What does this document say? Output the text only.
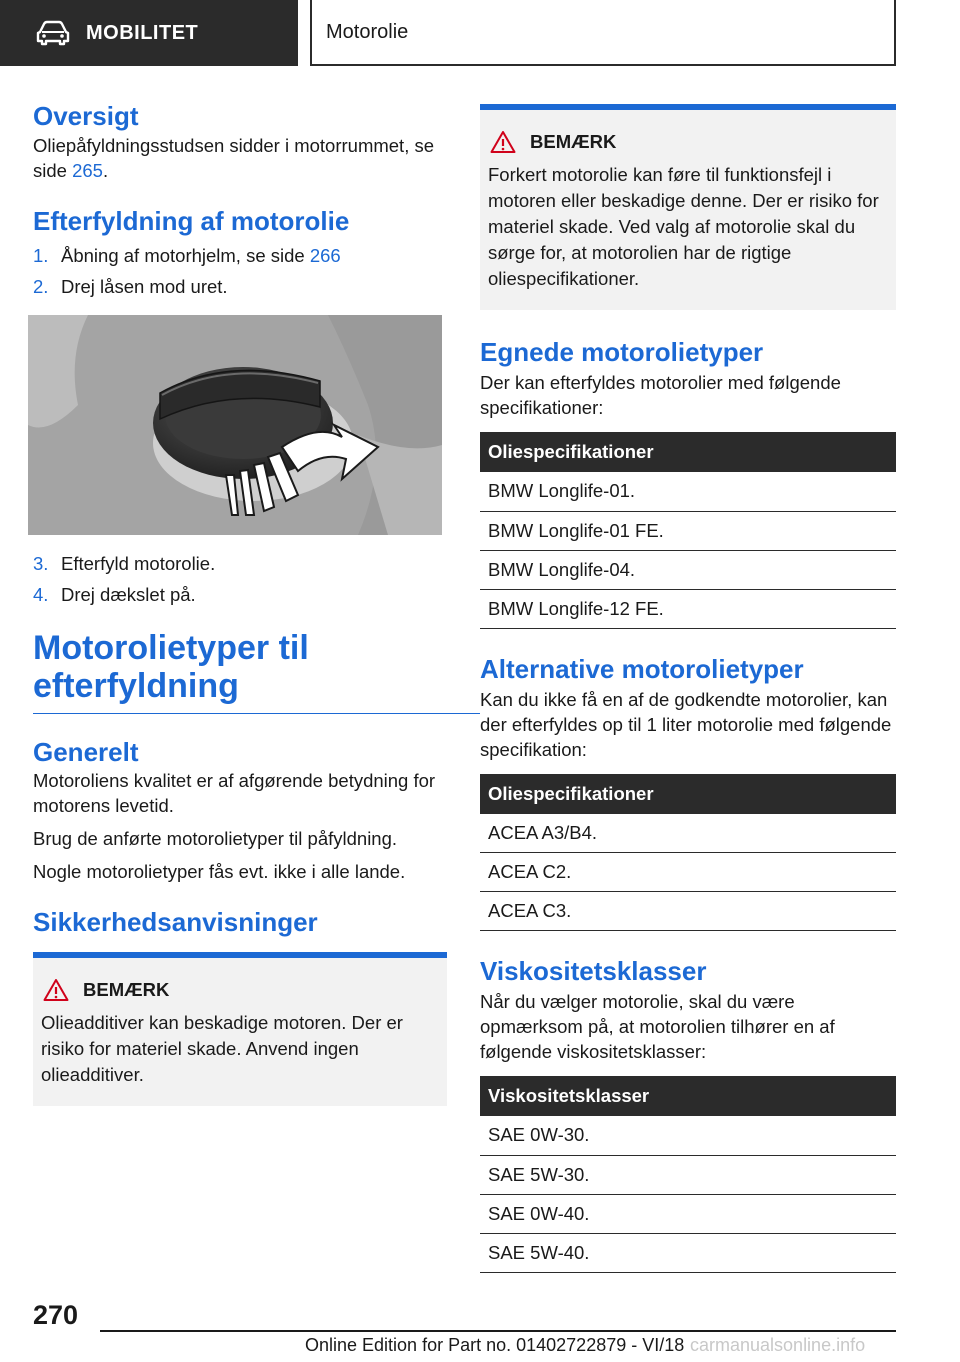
MOBILITET	Motorolie
Oversigt

Oliepåfyldningsstudsen sidder i motorrummet, se side 265.

Efterfyldning af motorolie
1. Åbning af motorhjelm, se side 266
2. Drej låsen mod uret.
3. Efterfyld motorolie.
4. Drej dækslet på.
Motorolietyper til
efterfyldning
Generelt

Motoroliens kvalitet er af afgørende betydning for motorens levetid.

Brug de anførte motorolietyper til påfyldning.

Nogle motorolietyper fås evt. ikke i alle lande.

Sikkerhedsanvisninger
BEMÆRK

Olieadditiver kan beskadige motoren. Der er risiko for materiel skade. Anvend ingen olieadditiver.

BEMÆRK

Forkert motorolie kan føre til funktionsfejl i motoren eller beskadige denne. Der er risiko for materiel skade. Ved valg af motorolie skal du sørge for, at motorolien har de rigtige oliespecifikationer.

Egnede motorolietyper

Der kan efterfyldes motorolier med følgende specifikationer:

Oliespecifikationer
BMW Longlife-01.
BMW Longlife-01 FE.
BMW Longlife-04.
BMW Longlife-12 FE.
Alternative motorolietyper

Kan du ikke få en af de godkendte motorolier, kan der efterfyldes op til 1 liter motorolie med følgende specifikation:

Oliespecifikationer
ACEA A3/B4.
ACEA C2.
ACEA C3.
Viskositetsklasser

Når du vælger motorolie, skal du være opmærksom på, at motorolien tilhører en af følgende viskositetsklasser:

Viskositetsklasser
SAE 0W-30.
SAE 5W-30.
SAE 0W-40.
SAE 5W-40.
270
Online Edition for Part no. 01402722879 - VI/18 carmanualsonline.info
